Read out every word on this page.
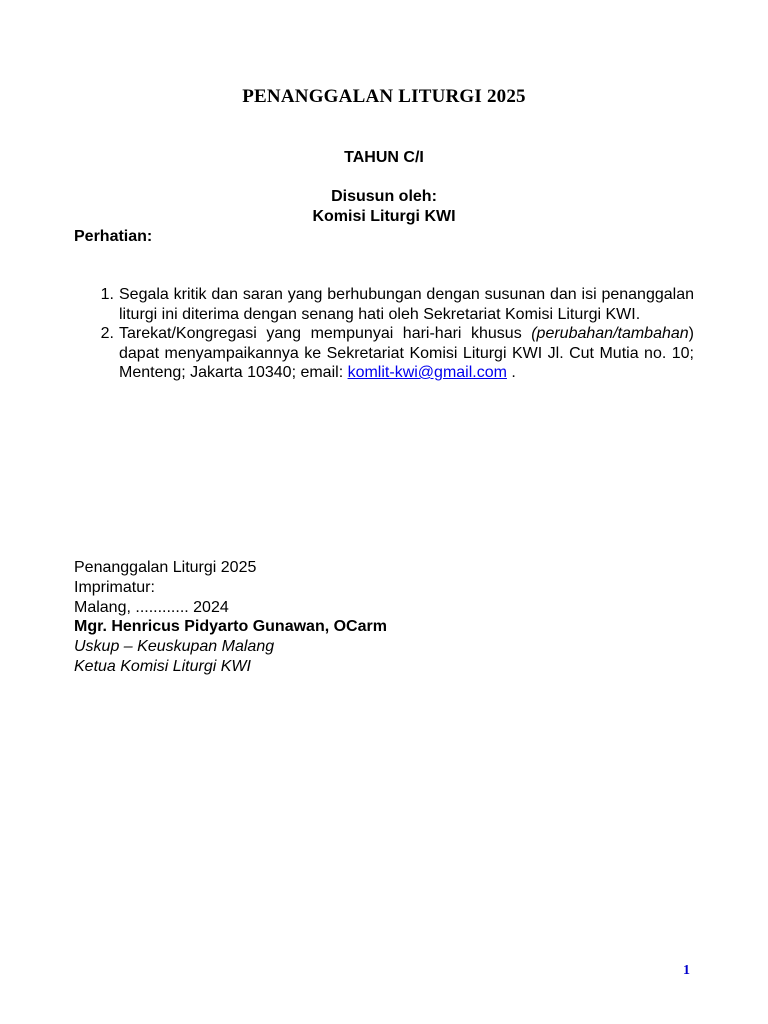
PENANGGALAN LITURGI 2025
TAHUN C/I
Disusun oleh:
Komisi Liturgi KWI
Perhatian:
1. Segala kritik dan saran yang berhubungan dengan susunan dan isi penanggalan liturgi ini diterima dengan senang hati oleh Sekretariat Komisi Liturgi KWI.
2. Tarekat/Kongregasi yang mempunyai hari-hari khusus (perubahan/tambahan) dapat menyampaikannya ke Sekretariat Komisi Liturgi KWI Jl. Cut Mutia no. 10; Menteng; Jakarta 10340; email: komlit-kwi@gmail.com .
Penanggalan Liturgi 2025
Imprimatur:
Malang, ............ 2024
Mgr. Henricus Pidyarto Gunawan, OCarm
Uskup – Keuskupan Malang
Ketua Komisi Liturgi KWI
1
